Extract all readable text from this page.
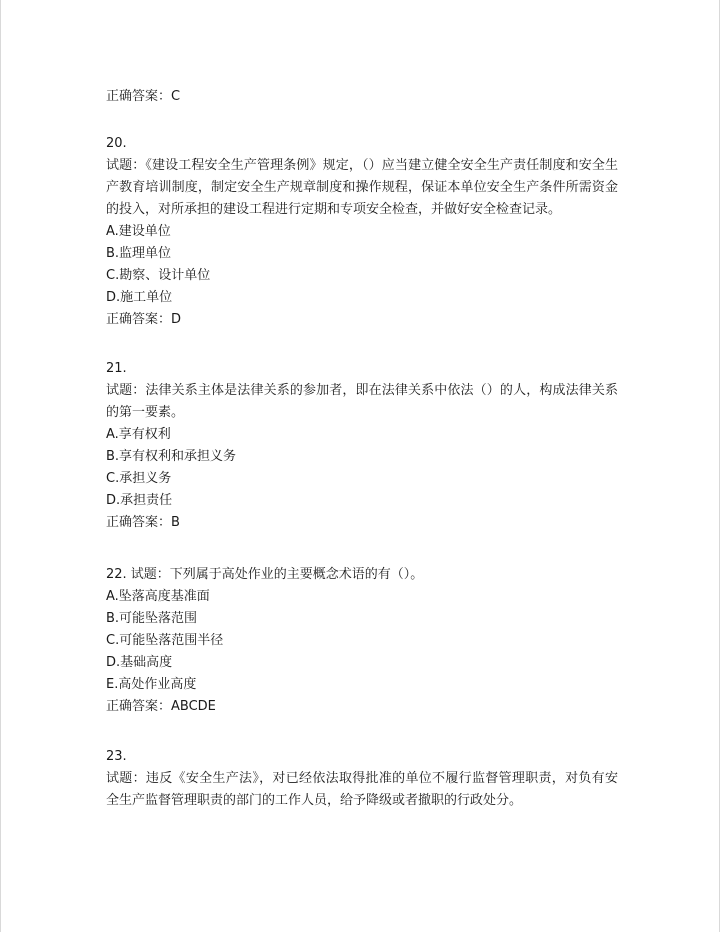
正确答案：C
20.
试题：《建设工程安全生产管理条例》规定，（）应当建立健全安全生产责任制度和安全生产教育培训制度，制定安全生产规章制度和操作规程，保证本单位安全生产条件所需资金的投入，对所承担的建设工程进行定期和专项安全检查，并做好安全检查记录。
A.建设单位
B.监理单位
C.勘察、设计单位
D.施工单位
正确答案：D
21.
试题：法律关系主体是法律关系的参加者，即在法律关系中依法（）的人，构成法律关系的第一要素。
A.享有权利
B.享有权利和承担义务
C.承担义务
D.承担责任
正确答案：B
22. 试题：下列属于高处作业的主要概念术语的有（）。
A.坠落高度基准面
B.可能坠落范围
C.可能坠落范围半径
D.基础高度
E.高处作业高度
正确答案：ABCDE
23.
试题：违反《安全生产法》，对已经依法取得批准的单位不履行监督管理职责，对负有安全生产监督管理职责的部门的工作人员，给予降级或者撤职的行政处分。
